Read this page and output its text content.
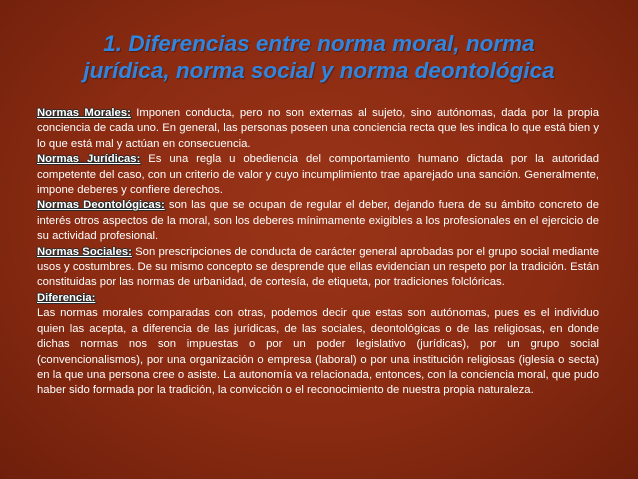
1. Diferencias entre norma moral, norma
jurídica, norma social y norma deontológica

Normas Morales: Imponen conducta, pero no son externas al sujeto, sino autónomas, dada por la propia conciencia de cada uno. En general, las personas poseen una conciencia recta que les indica lo que está bien y lo que está mal y actúan en consecuencia.

Normas Jurídicas: Es una regla u obediencia del comportamiento humano dictada por la autoridad competente del caso, con un criterio de valor y cuyo incumplimiento trae aparejado una sanción. Generalmente, impone deberes y confiere derechos.

Normas Deontológicas: son las que se ocupan de regular el deber, dejando fuera de su ámbito concreto de interés otros aspectos de la moral, son los deberes mínimamente exigibles a los profesionales en el ejercicio de su actividad profesional.

Normas Sociales: Son prescripciones de conducta de carácter general aprobadas por el grupo social mediante usos y costumbres. De su mismo concepto se desprende que ellas evidencian un respeto por la tradición. Están constituidas por las normas de urbanidad, de cortesía, de etiqueta, por tradiciones folclóricas.

Diferencia:

Las normas morales comparadas con otras, podemos decir que estas son autónomas, pues es el individuo quien las acepta, a diferencia de las jurídicas, de las sociales, deontológicas o de las religiosas, en donde dichas normas nos son impuestas o por un poder legislativo (jurídicas), por un grupo social (convencionalismos), por una organización o empresa (laboral) o por una institución religiosas (iglesia o secta) en la que una persona cree o asiste. La autonomía va relacionada, entonces, con la conciencia moral, que pudo haber sido formada por la tradición, la convicción o el reconocimiento de nuestra propia naturaleza.
